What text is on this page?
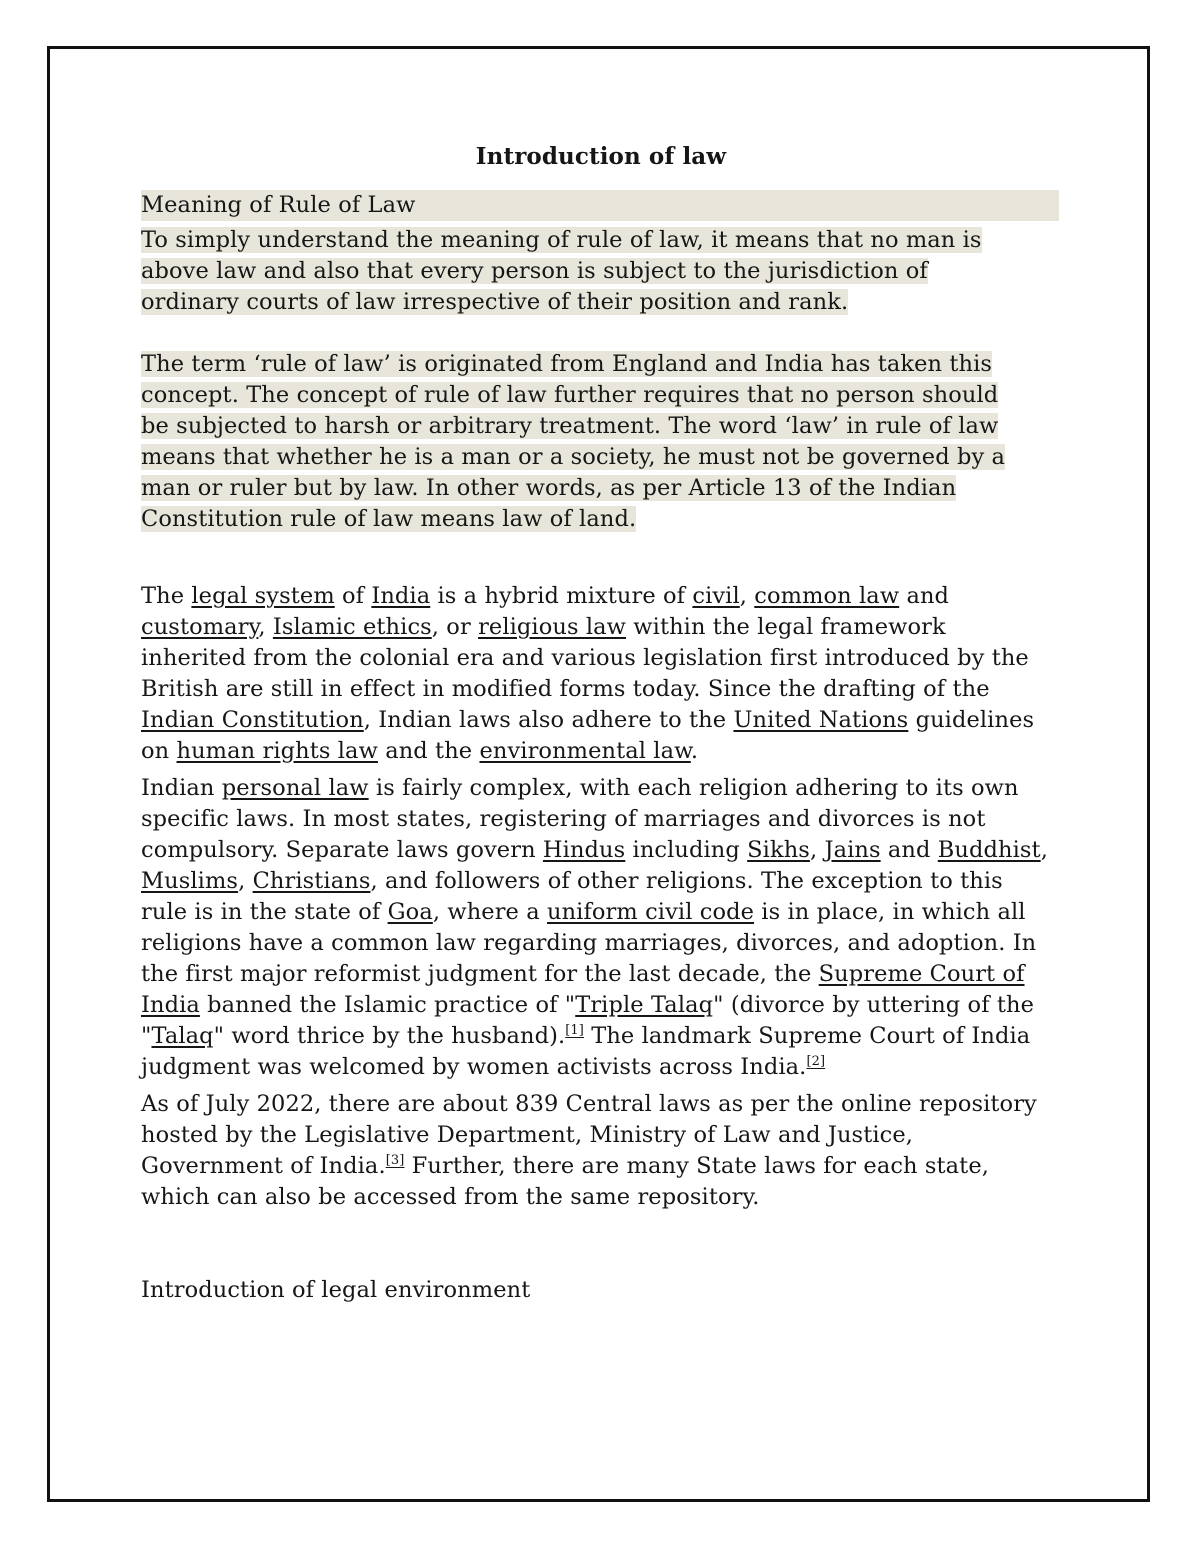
Introduction of law
Meaning of Rule of Law

To simply understand the meaning of rule of law, it means that no man is above law and also that every person is subject to the jurisdiction of ordinary courts of law irrespective of their position and rank.

The term ‘rule of law’ is originated from England and India has taken this concept. The concept of rule of law further requires that no person should be subjected to harsh or arbitrary treatment. The word ‘law’ in rule of law means that whether he is a man or a society, he must not be governed by a man or ruler but by law. In other words, as per Article 13 of the Indian Constitution rule of law means law of land.

The legal system of India is a hybrid mixture of civil, common law and customary, Islamic ethics, or religious law within the legal framework inherited from the colonial era and various legislation first introduced by the British are still in effect in modified forms today. Since the drafting of the Indian Constitution, Indian laws also adhere to the United Nations guidelines on human rights law and the environmental law.

Indian personal law is fairly complex, with each religion adhering to its own specific laws. In most states, registering of marriages and divorces is not compulsory. Separate laws govern Hindus including Sikhs, Jains and Buddhist, Muslims, Christians, and followers of other religions. The exception to this rule is in the state of Goa, where a uniform civil code is in place, in which all religions have a common law regarding marriages, divorces, and adoption. In the first major reformist judgment for the last decade, the Supreme Court of India banned the Islamic practice of "Triple Talaq" (divorce by uttering of the "Talaq" word thrice by the husband).[1] The landmark Supreme Court of India judgment was welcomed by women activists across India.[2]

As of July 2022, there are about 839 Central laws as per the online repository hosted by the Legislative Department, Ministry of Law and Justice, Government of India.[3] Further, there are many State laws for each state, which can also be accessed from the same repository.

Introduction of legal environment
